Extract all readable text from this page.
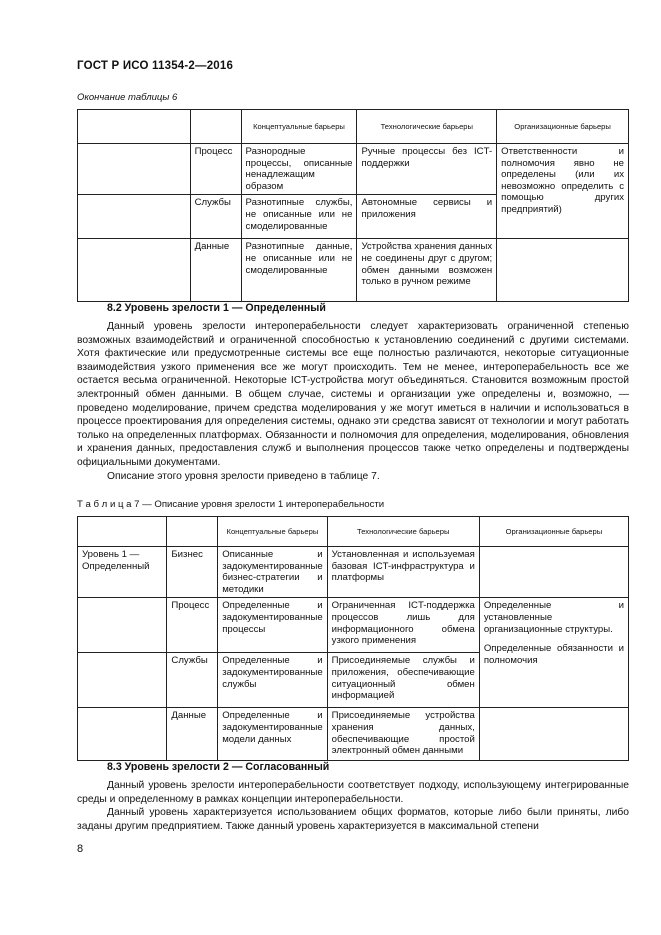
ГОСТ Р ИСО 11354-2—2016
Окончание таблицы 6
		Концептуальные барьеры	Технологические барьеры	Организационные барьеры
	Процесс	Разнородные процессы, описанные ненадлежащим образом	Ручные процессы без ICT-поддержки	Ответственности и полномочия явно не определены (или их невозможно определить с помощью других предприятий)
	Службы	Разнотипные службы, не описанные или не смоделированные	Автономные сервисы и приложения	
	Данные	Разнотипные данные, не описанные или не смоделированные	Устройства хранения данных не соединены друг с другом; обмен данными возможен только в ручном режиме	
8.2 Уровень зрелости 1 — Определенный

Данный уровень зрелости интероперабельности следует характеризовать ограниченной степенью возможных взаимодействий и ограниченной способностью к установлению соединений с другими системами. Хотя фактические или предусмотренные системы все еще полностью различаются, некоторые ситуационные взаимодействия узкого применения все же могут происходить. Тем не менее, интероперабельность все же остается весьма ограниченной. Некоторые ICT-устройства могут объединяться. Становится возможным простой электронный обмен данными. В общем случае, системы и организации уже определены и, возможно, — проведено моделирование, причем средства моделирования у же могут иметься в наличии и использоваться в процессе проектирования для определения системы, однако эти средства зависят от технологии и могут работать только на определенных платформах. Обязанности и полномочия для определения, моделирования, обновления и хранения данных, предоставления служб и выполнения процессов также четко определены и подтверждены официальными документами.

Описание этого уровня зрелости приведено в таблице 7.

Т а б л и ц а 7 — Описание уровня зрелости 1 интероперабельности
		Концептуальные барьеры	Технологические барьеры	Организационные барьеры
Уровень 1 — Определенный	Бизнес	Описанные и задокументированные бизнес-стратегии и методики	Установленная и используемая базовая ICT-инфраструктура и платформы	
	Процесс	Определенные и задокументированные процессы	Ограниченная ICT-поддержка процессов лишь для информационного обмена узкого применения	Определенные и установленные организационные структуры.
Определенные обязанности и полномочия

	Службы	Определенные и задокументированные службы	Присоединяемые службы и приложения, обеспечивающие ситуационный обмен информацией	
	Данные	Определенные и задокументированные модели данных	Присоединяемые устройства хранения данных, обеспечивающие простой электронный обмен данными	
8.3 Уровень зрелости 2 — Согласованный

Данный уровень зрелости интероперабельности соответствует подходу, использующему интегрированные среды и определенному в рамках концепции интероперабельности.

Данный уровень характеризуется использованием общих форматов, которые либо были приняты, либо заданы другим предприятием. Также данный уровень характеризуется в максимальной степени

8
